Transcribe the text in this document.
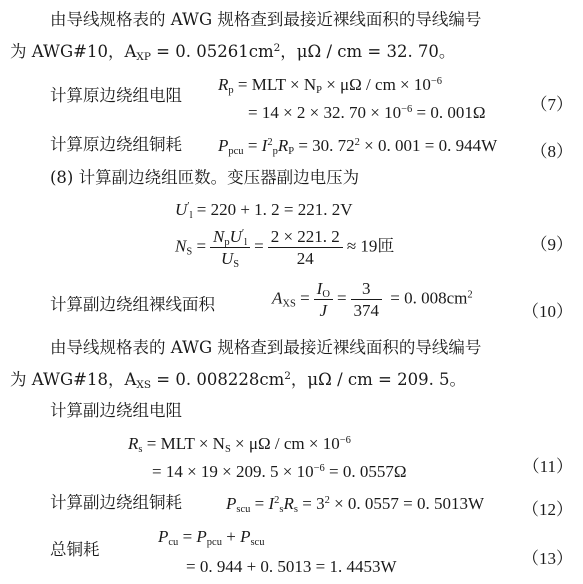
由导线规格表的 AWG 规格查到最接近裸线面积的导线编号
为 AWG#10，$A_{XP} = 0$. $05261cm^2$，μΩ / cm = 32. 70。
计算原边绕组电阻
$R_p$ = MLT × $N_P \times \mu\Omega$ / cm × $10^{-6}$
= 14 × 2 × 32. $70 \times 10^{-6} = 0$. 001Ω	（7）
计算原边绕组铜耗 $P_{pcu} = I^2_pR_P = 30$. $72^2 \times 0$. 001 = 0. 944W （8）
(8) 计算副边绕组匝数。变压器副边电压为
$U'_l = 220 + 1$. 2 = 221. 2V
$N_S = \frac{N_pU'_l}{U_S} = \frac{2 \times 221. 2}{24} \approx 19$匝	（9）
计算副边绕组裸线面积	$A_{XS} = \frac{I_O}{J} = \frac{3}{374} = 0$. $008cm^2$
（10）
由导线规格表的 AWG 规格查到最接近裸线面积的导线编号
为 AWG#18，$A_{XS} = 0$. $008228cm^2$，μΩ / cm = 209. 5。
计算副边绕组电阻
$R_s$ = MLT × $N_S \times \mu\Omega$ / cm × $10^{-6}$
= 14 × 19 × 209. $5 \times 10^{-6} = 0$. 0557Ω	（11）
计算副边绕组铜耗	$P_{scu} = I^2_sR_s = 3^2 \times 0$. 0557 = 0. 5013W （12）
总铜耗
$P_{cu} = P_{pcu} + P_{scu}$
= 0. 944 + 0. 5013 = 1. 4453W	（13）
